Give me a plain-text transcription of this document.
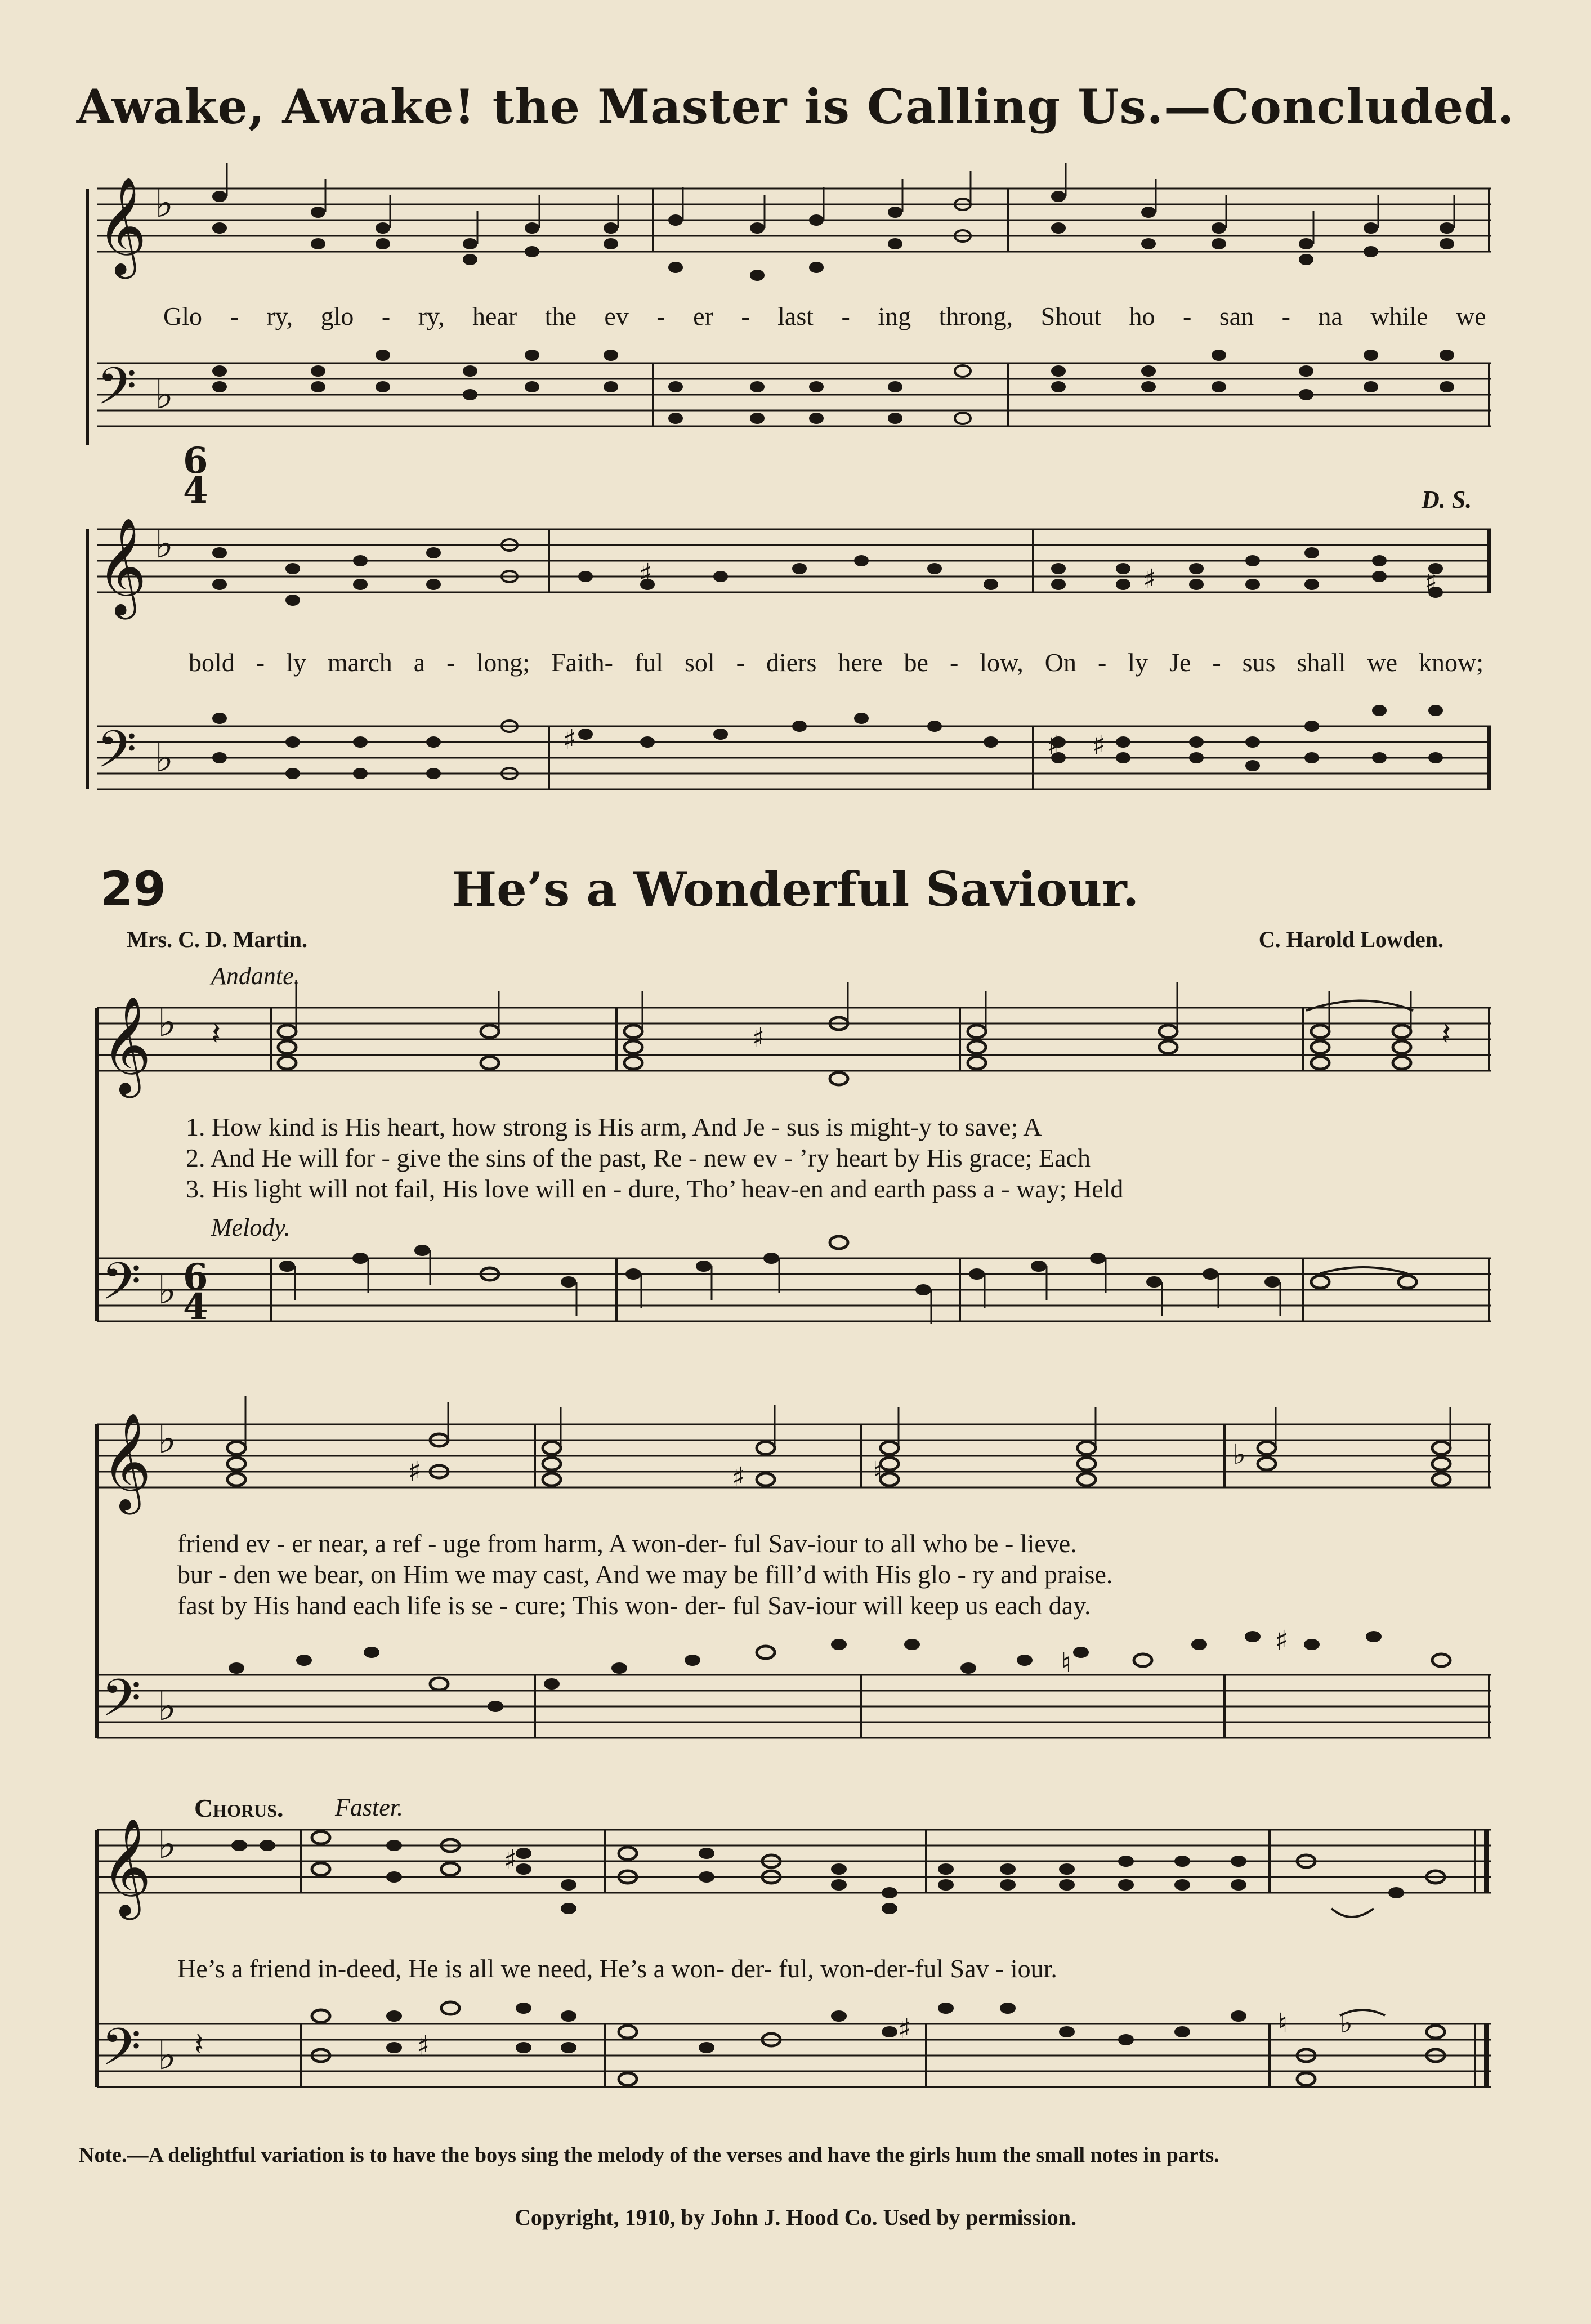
Awake, Awake! the Master is Calling Us.—Concluded.
𝄞
𝄢
𝄞
𝄢
𝄞
𝄢
𝄞
𝄢
𝄞
𝄢
♭
♭
♭
♭
♭
♭
♭
♭
♭
♭
6
4
6
4
♯	♯	♯
♯	♯ ♯
♯
♯	♯	♮
♭
♯
♯
♮
♯
♯	♮ ♭
𝄽	𝄽
𝄽
Glo - ry, glo - ry, hear the ev - er - last - ing throng, Shout ho - san - na while we
D. S.
bold - ly march a - long; Faith- ful sol - diers here be - low, On - ly Je - sus shall we know;
29	He’s a Wonderful Saviour.
Mrs. C. D. Martin.	C. Harold Lowden.
Andante.
1. How kind is His heart, how strong is His arm, And Je - sus is might-y to save; A
2. And He will for - give the sins of the past, Re - new ev - ’ry heart by His grace; Each
3. His light will not fail, His love will en - dure, Tho’ heav-en and earth pass a - way; Held
Melody.
friend ev - er near, a ref - uge from harm, A won-der- ful Sav-iour to all who be - lieve.
bur - den we bear, on Him we may cast, And we may be fill’d with His glo - ry and praise.
fast by His hand each life is se - cure; This won- der- ful Sav-iour will keep us each day.
Chorus. Faster.
He’s a friend in-deed, He is all we need, He’s a won- der- ful, won-der-ful Sav - iour.
Note.—A delightful variation is to have the boys sing the melody of the verses and have the girls hum the small notes in parts.
Copyright, 1910, by John J. Hood Co. Used by permission.
